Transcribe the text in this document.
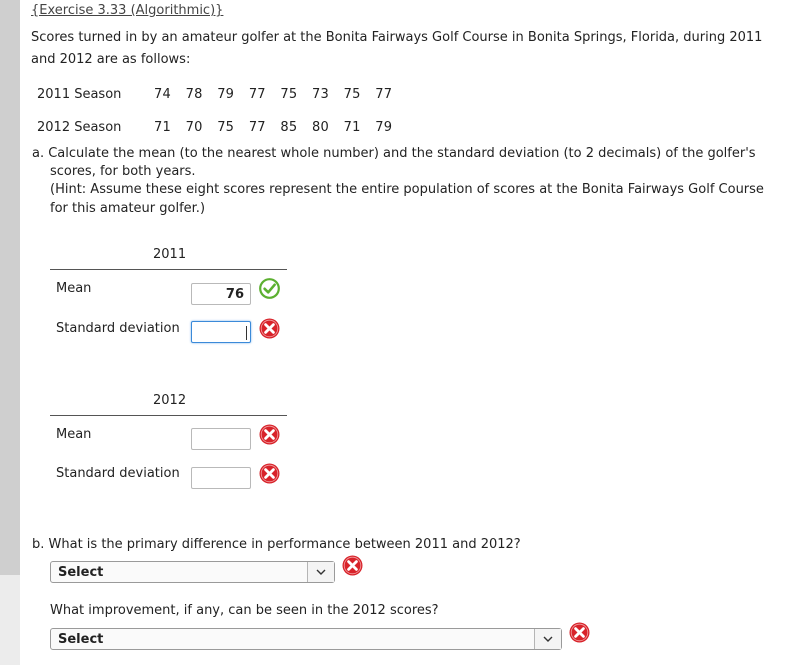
{Exercise 3.33 (Algorithmic)}
Scores turned in by an amateur golfer at the Bonita Fairways Golf Course in Bonita Springs, Florida, during 2011
and 2012 are as follows:
2011 Season	74  78  79  77  75  73  75  77
2012 Season	71  70  75  77  85  80  71  79
a. Calculate the mean (to the nearest whole number) and the standard deviation (to 2 decimals) of the golfer's
scores, for both years.
(Hint: Assume these eight scores represent the entire population of scores at the Bonita Fairways Golf Course
for this amateur golfer.)
2011
Mean	76
Standard deviation
2012
Mean
Standard deviation
b. What is the primary difference in performance between 2011 and 2012?
Select
What improvement, if any, can be seen in the 2012 scores?
Select
